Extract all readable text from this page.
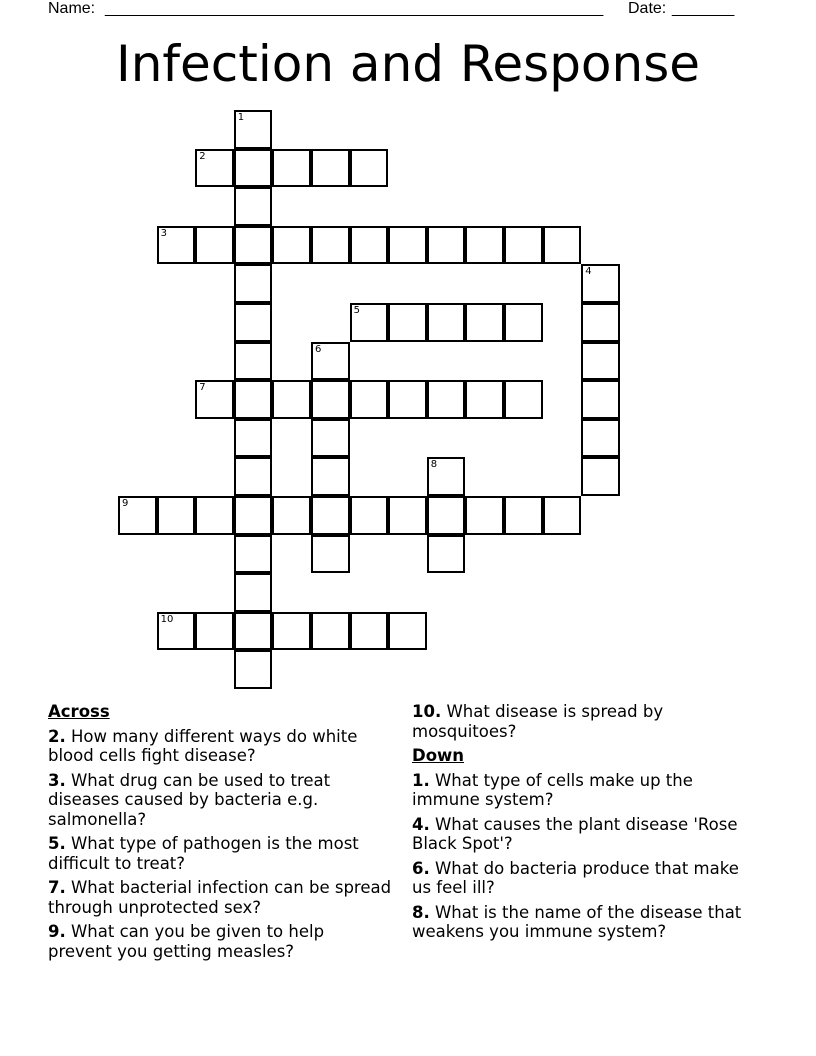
Name: ________________________________________________________	Date: _______
Infection and Response
1
2
3
4
5
6
7
8
9
10
Across
2. How many different ways do white blood cells fight disease?
3. What drug can be used to treat diseases caused by bacteria e.g. salmonella?
5. What type of pathogen is the most difficult to treat?
7. What bacterial infection can be spread through unprotected sex?
9. What can you be given to help prevent you getting measles?
10. What disease is spread by mosquitoes?
Down
1. What type of cells make up the immune system?
4. What causes the plant disease 'Rose Black Spot'?
6. What do bacteria produce that make us feel ill?
8. What is the name of the disease that weakens you immune system?
